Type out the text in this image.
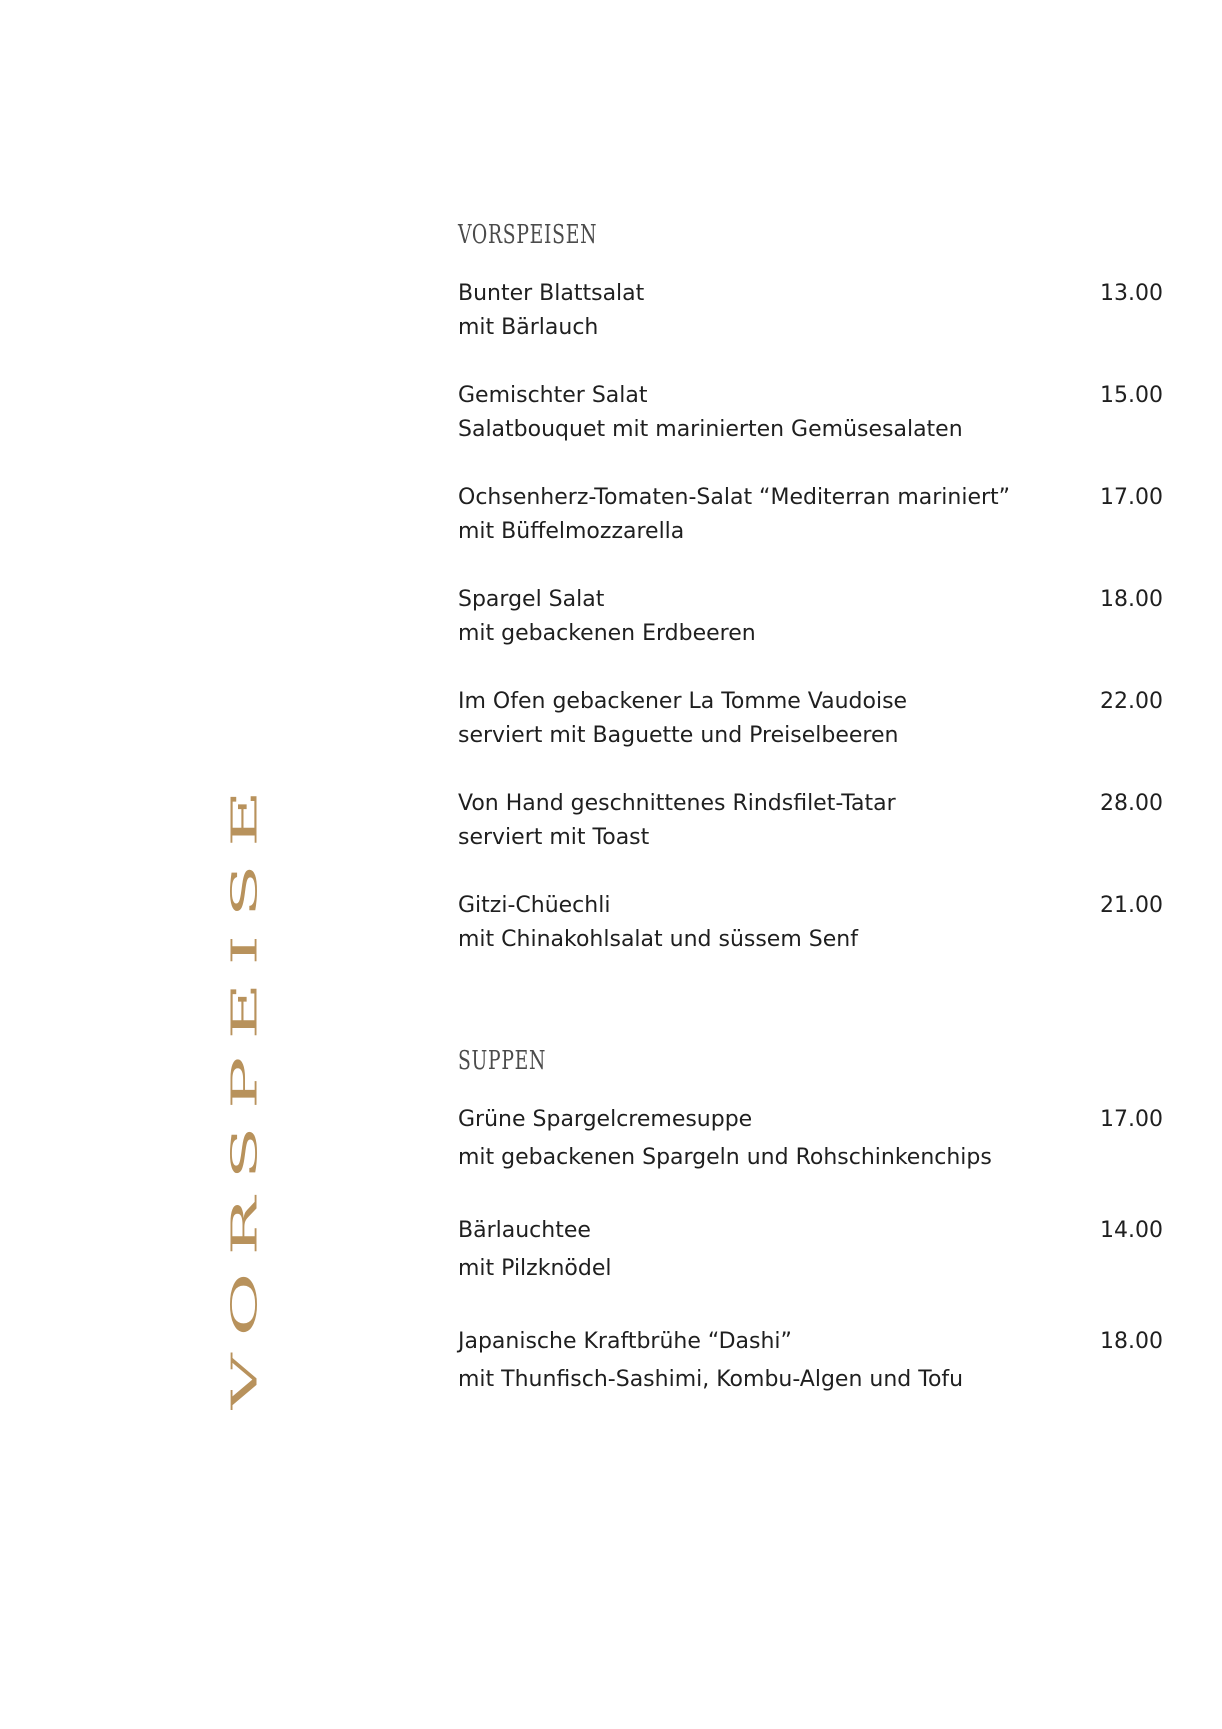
V
O
R
S
P
E
I
S
E
VORSPEISEN
Bunter Blattsalat
mit Bärlauch
13.00
Gemischter Salat
Salatbouquet mit marinierten Gemüsesalaten
15.00
Ochsenherz-Tomaten-Salat “Mediterran mariniert”
mit Büffelmozzarella
17.00
Spargel Salat
mit gebackenen Erdbeeren
18.00
Im Ofen gebackener La Tomme Vaudoise
serviert mit Baguette und Preiselbeeren
22.00
Von Hand geschnittenes Rindsfilet-Tatar
serviert mit Toast
28.00
Gitzi-Chüechli
mit Chinakohlsalat und süssem Senf
21.00
SUPPEN
Grüne Spargelcremesuppe
mit gebackenen Spargeln und Rohschinkenchips
17.00
Bärlauchtee
mit Pilzknödel
14.00
Japanische Kraftbrühe “Dashi”
mit Thunfisch-Sashimi, Kombu-Algen und Tofu
18.00
